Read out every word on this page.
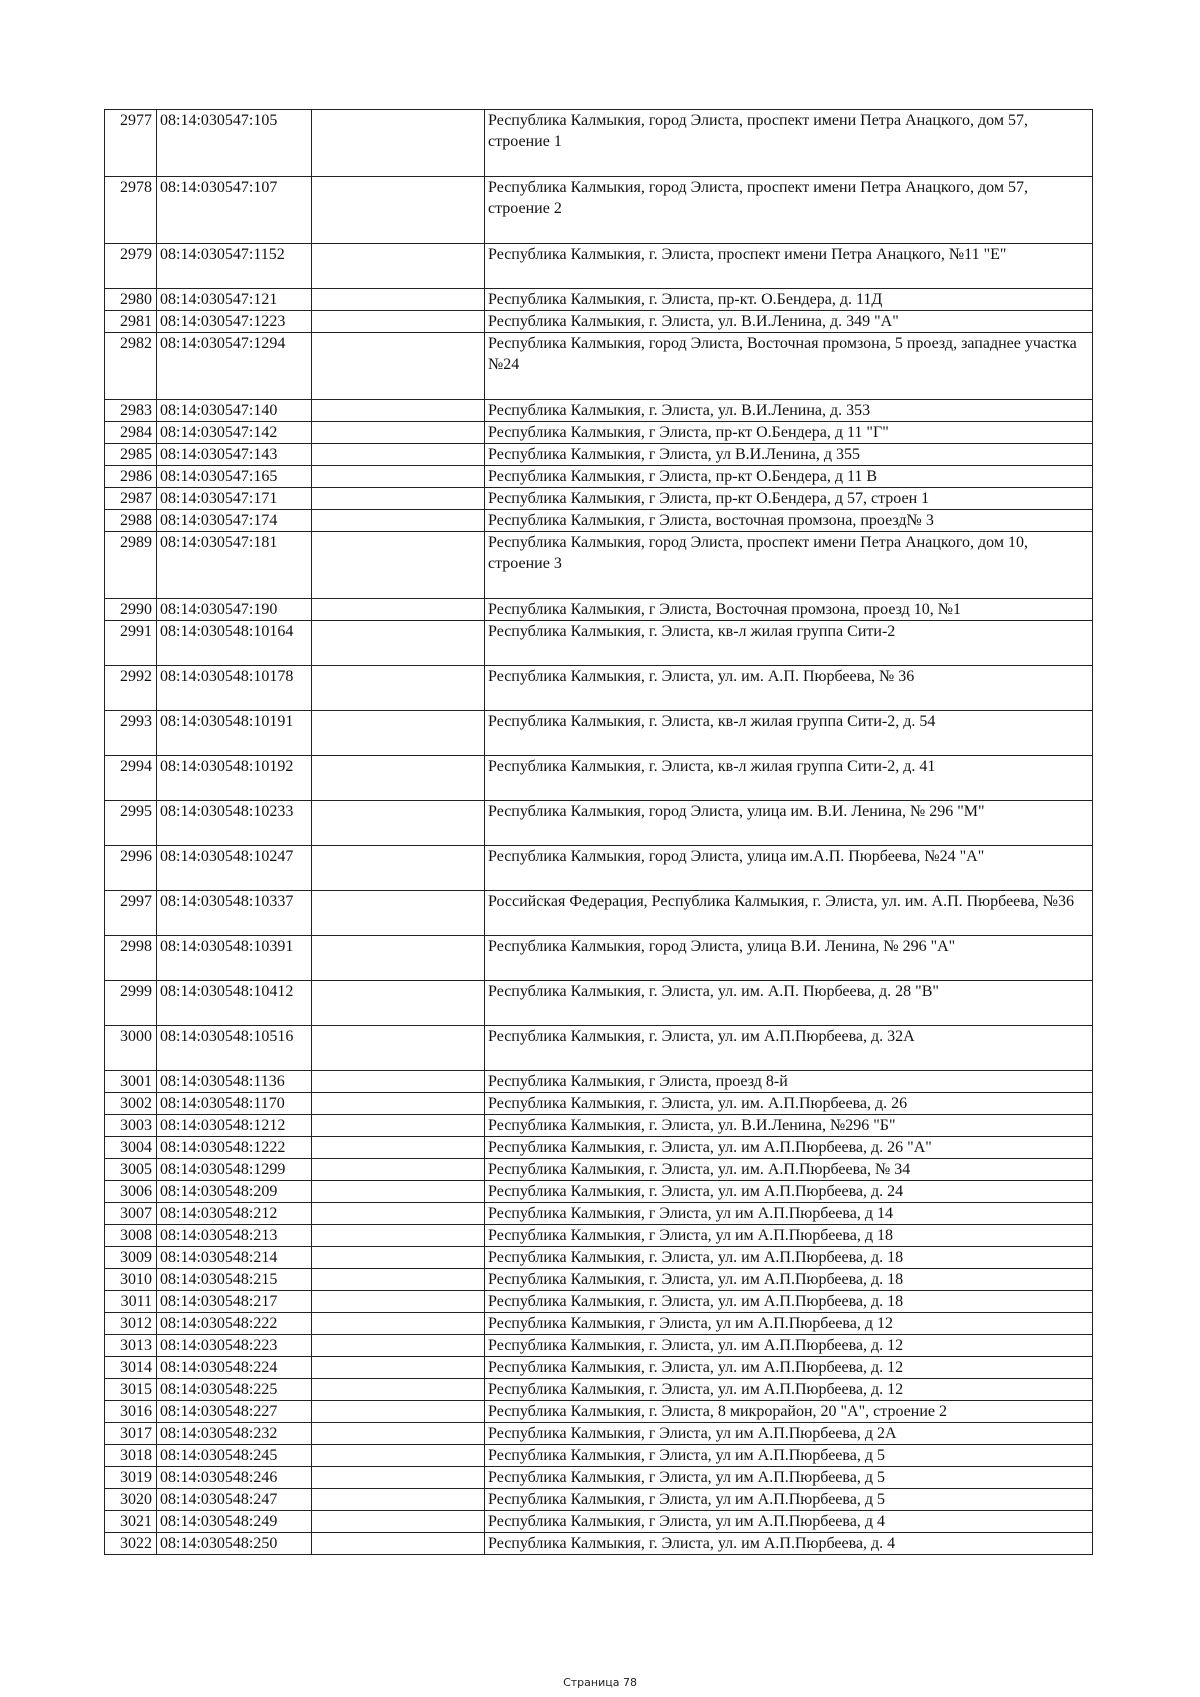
2977	08:14:030547:105		Республика Калмыкия, город Элиста, проспект имени Петра Анацкого, дом 57, строение 1
2978	08:14:030547:107		Республика Калмыкия, город Элиста, проспект имени Петра Анацкого, дом 57, строение 2
2979	08:14:030547:1152		Республика Калмыкия, г. Элиста, проспект имени Петра Анацкого, №11 "Е"
2980	08:14:030547:121		Республика Калмыкия, г. Элиста, пр-кт. О.Бендера, д. 11Д
2981	08:14:030547:1223		Республика Калмыкия, г. Элиста, ул. В.И.Ленина, д. 349 "А"
2982	08:14:030547:1294		Республика Калмыкия, город Элиста, Восточная промзона, 5 проезд, западнее участка №24
2983	08:14:030547:140		Республика Калмыкия, г. Элиста, ул. В.И.Ленина, д. 353
2984	08:14:030547:142		Республика Калмыкия, г Элиста, пр-кт О.Бендера, д 11 "Г"
2985	08:14:030547:143		Республика Калмыкия, г Элиста, ул В.И.Ленина, д 355
2986	08:14:030547:165		Республика Калмыкия, г Элиста, пр-кт О.Бендера, д 11 В
2987	08:14:030547:171		Республика Калмыкия, г Элиста, пр-кт О.Бендера, д 57, строен 1
2988	08:14:030547:174		Республика Калмыкия, г Элиста, восточная промзона, проезд№ 3
2989	08:14:030547:181		Республика Калмыкия, город Элиста, проспект имени Петра Анацкого, дом 10, строение 3
2990	08:14:030547:190		Республика Калмыкия, г Элиста, Восточная промзона, проезд 10, №1
2991	08:14:030548:10164		Республика Калмыкия, г. Элиста, кв-л жилая группа Сити-2
2992	08:14:030548:10178		Республика Калмыкия, г. Элиста, ул. им. А.П. Пюрбеева, № 36
2993	08:14:030548:10191		Республика Калмыкия, г. Элиста, кв-л жилая группа Сити-2, д. 54
2994	08:14:030548:10192		Республика Калмыкия, г. Элиста, кв-л жилая группа Сити-2, д. 41
2995	08:14:030548:10233		Республика Калмыкия, город Элиста, улица им. В.И. Ленина, № 296 "М"
2996	08:14:030548:10247		Республика Калмыкия, город Элиста, улица им.А.П. Пюрбеева, №24 "А"
2997	08:14:030548:10337		Российская Федерация, Республика Калмыкия, г. Элиста, ул. им. А.П. Пюрбеева, №36
2998	08:14:030548:10391		Республика Калмыкия, город Элиста, улица В.И. Ленина, № 296 "А"
2999	08:14:030548:10412		Республика Калмыкия, г. Элиста, ул. им. А.П. Пюрбеева, д. 28 "В"
3000	08:14:030548:10516		Республика Калмыкия, г. Элиста, ул. им А.П.Пюрбеева, д. 32А
3001	08:14:030548:1136		Республика Калмыкия, г Элиста, проезд 8-й
3002	08:14:030548:1170		Республика Калмыкия, г. Элиста, ул. им. А.П.Пюрбеева, д. 26
3003	08:14:030548:1212		Республика Калмыкия, г. Элиста, ул. В.И.Ленина, №296 "Б"
3004	08:14:030548:1222		Республика Калмыкия, г. Элиста, ул. им А.П.Пюрбеева, д. 26 "А"
3005	08:14:030548:1299		Республика Калмыкия, г. Элиста, ул. им. А.П.Пюрбеева, № 34
3006	08:14:030548:209		Республика Калмыкия, г. Элиста, ул. им А.П.Пюрбеева, д. 24
3007	08:14:030548:212		Республика Калмыкия, г Элиста, ул им А.П.Пюрбеева, д 14
3008	08:14:030548:213		Республика Калмыкия, г Элиста, ул им А.П.Пюрбеева, д 18
3009	08:14:030548:214		Республика Калмыкия, г. Элиста, ул. им А.П.Пюрбеева, д. 18
3010	08:14:030548:215		Республика Калмыкия, г. Элиста, ул. им А.П.Пюрбеева, д. 18
3011	08:14:030548:217		Республика Калмыкия, г. Элиста, ул. им А.П.Пюрбеева, д. 18
3012	08:14:030548:222		Республика Калмыкия, г Элиста, ул им А.П.Пюрбеева, д 12
3013	08:14:030548:223		Республика Калмыкия, г. Элиста, ул. им А.П.Пюрбеева, д. 12
3014	08:14:030548:224		Республика Калмыкия, г. Элиста, ул. им А.П.Пюрбеева, д. 12
3015	08:14:030548:225		Республика Калмыкия, г. Элиста, ул. им А.П.Пюрбеева, д. 12
3016	08:14:030548:227		Республика Калмыкия, г. Элиста, 8 микрорайон, 20 "А", строение 2
3017	08:14:030548:232		Республика Калмыкия, г Элиста, ул им А.П.Пюрбеева, д 2А
3018	08:14:030548:245		Республика Калмыкия, г Элиста, ул им А.П.Пюрбеева, д 5
3019	08:14:030548:246		Республика Калмыкия, г Элиста, ул им А.П.Пюрбеева, д 5
3020	08:14:030548:247		Республика Калмыкия, г Элиста, ул им А.П.Пюрбеева, д 5
3021	08:14:030548:249		Республика Калмыкия, г Элиста, ул им А.П.Пюрбеева, д 4
3022	08:14:030548:250		Республика Калмыкия, г. Элиста, ул. им А.П.Пюрбеева, д. 4
Страница 78
